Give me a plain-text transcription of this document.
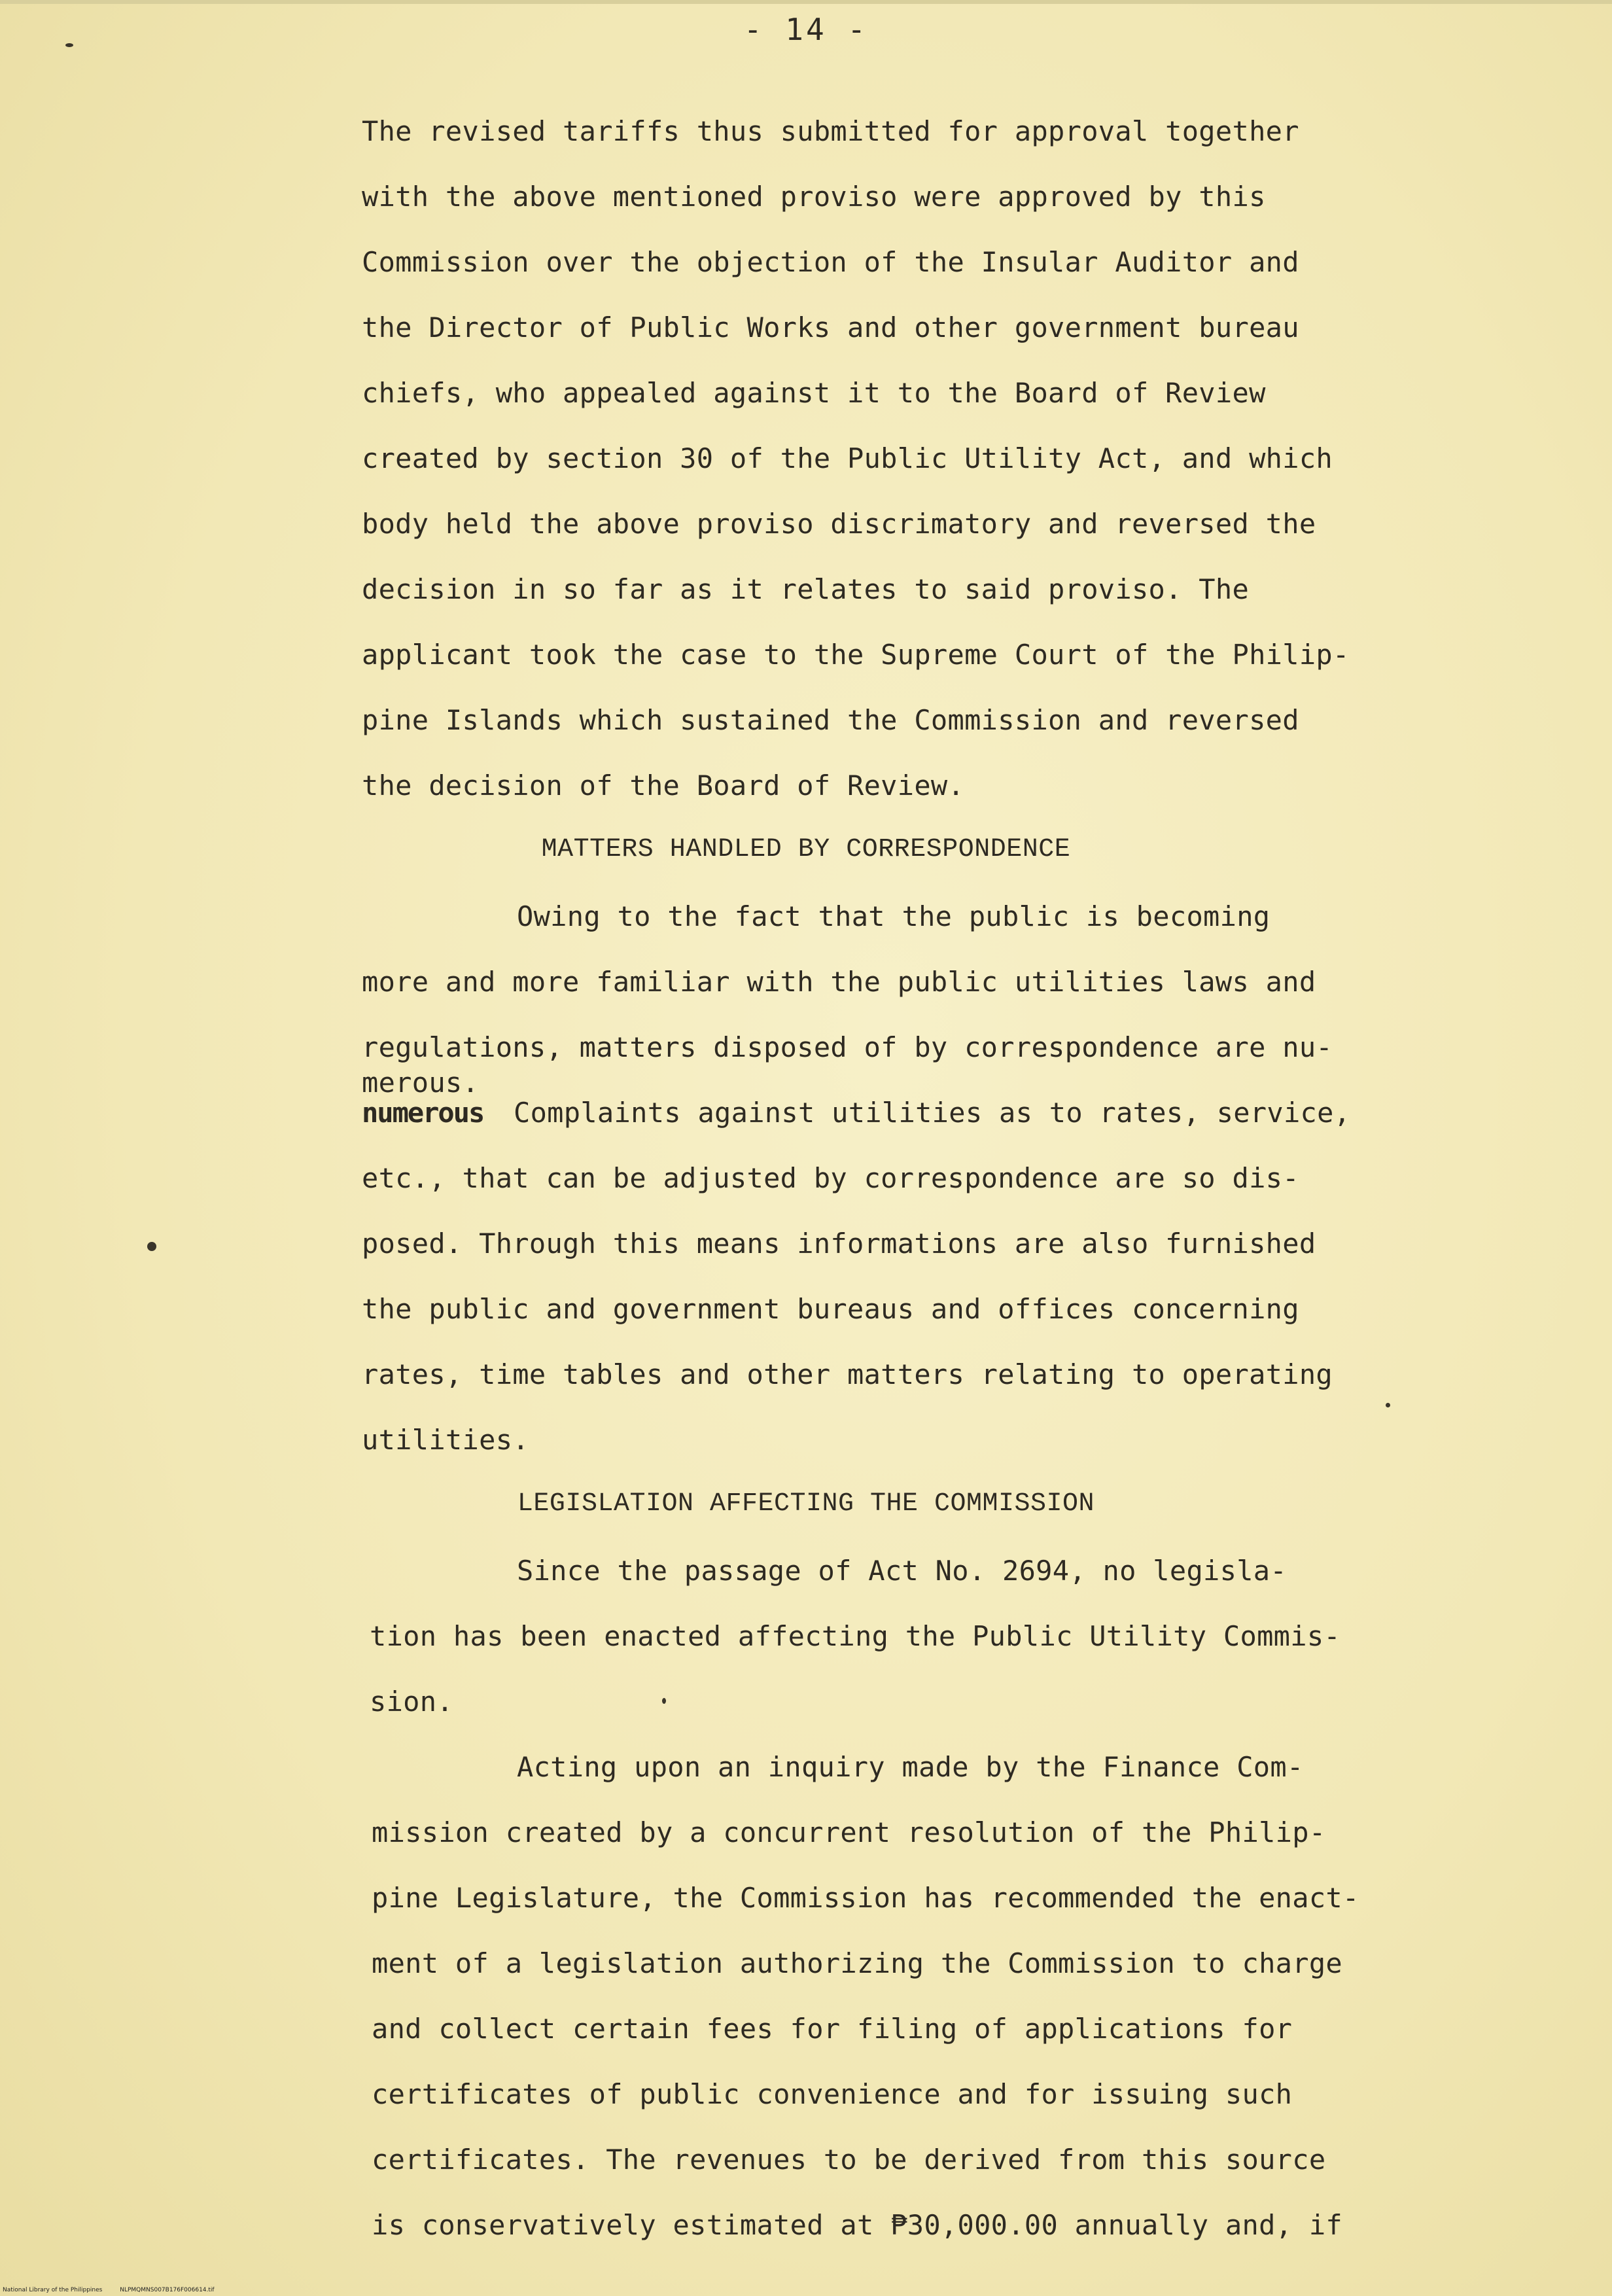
- 14 -
The revised tariffs thus submitted for approval together
with the above mentioned proviso were approved by this
Commission over the objection of the Insular Auditor and
the Director of Public Works and other government bureau
chiefs, who appealed against it to the Board of Review
created by section 30 of the Public Utility Act, and which
body held the above proviso discrimatory and reversed the
decision in so far as it relates to said proviso. The
applicant took the case to the Supreme Court of the Philip-
pine Islands which sustained the Commission and reversed
the decision of the Board of Review.
MATTERS HANDLED BY CORRESPONDENCE
Owing to the fact that the public is becoming
more and more familiar with the public utilities laws and
regulations, matters disposed of by correspondence are nu-
merous.
numerous Complaints against utilities as to rates, service,
etc., that can be adjusted by correspondence are so dis-
posed. Through this means informations are also furnished
the public and government bureaus and offices concerning
rates, time tables and other matters relating to operating
utilities.
LEGISLATION AFFECTING THE COMMISSION
Since the passage of Act No. 2694, no legisla-
tion has been enacted affecting the Public Utility Commis-
sion.
Acting upon an inquiry made by the Finance Com-
mission created by a concurrent resolution of the Philip-
pine Legislature, the Commission has recommended the enact-
ment of a legislation authorizing the Commission to charge
and collect certain fees for filing of applications for
certificates of public convenience and for issuing such
certificates. The revenues to be derived from this source
is conservatively estimated at ₱30,000.00 annually and, if
National Library of the Philippines	NLPMQMNS007B176F006614.tif
